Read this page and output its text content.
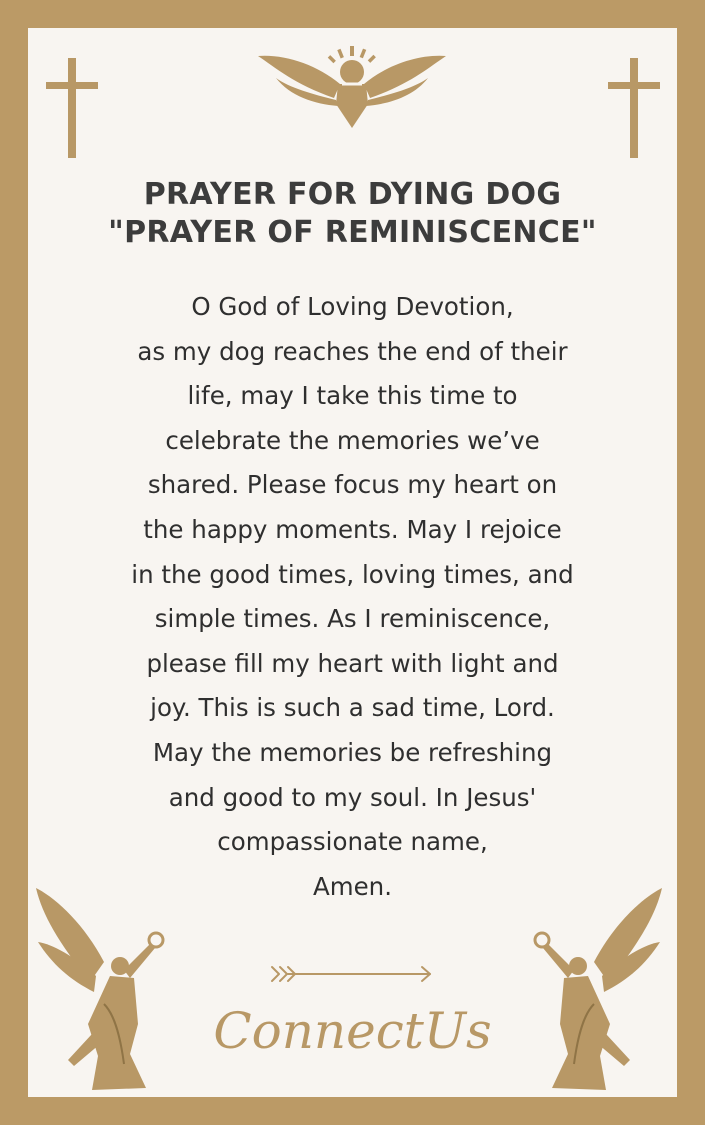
PRAYER FOR DYING DOG
"PRAYER OF REMINISCENCE"
O God of Loving Devotion,
as my dog reaches the end of their
life, may I take this time to
celebrate the memories we’ve
shared. Please focus my heart on
the happy moments. May I rejoice
in the good times, loving times, and
simple times. As I reminiscence,
please fill my heart with light and
joy. This is such a sad time, Lord.
May the memories be refreshing
and good to my soul. In Jesus'
compassionate name,
Amen.
ConnectUs
